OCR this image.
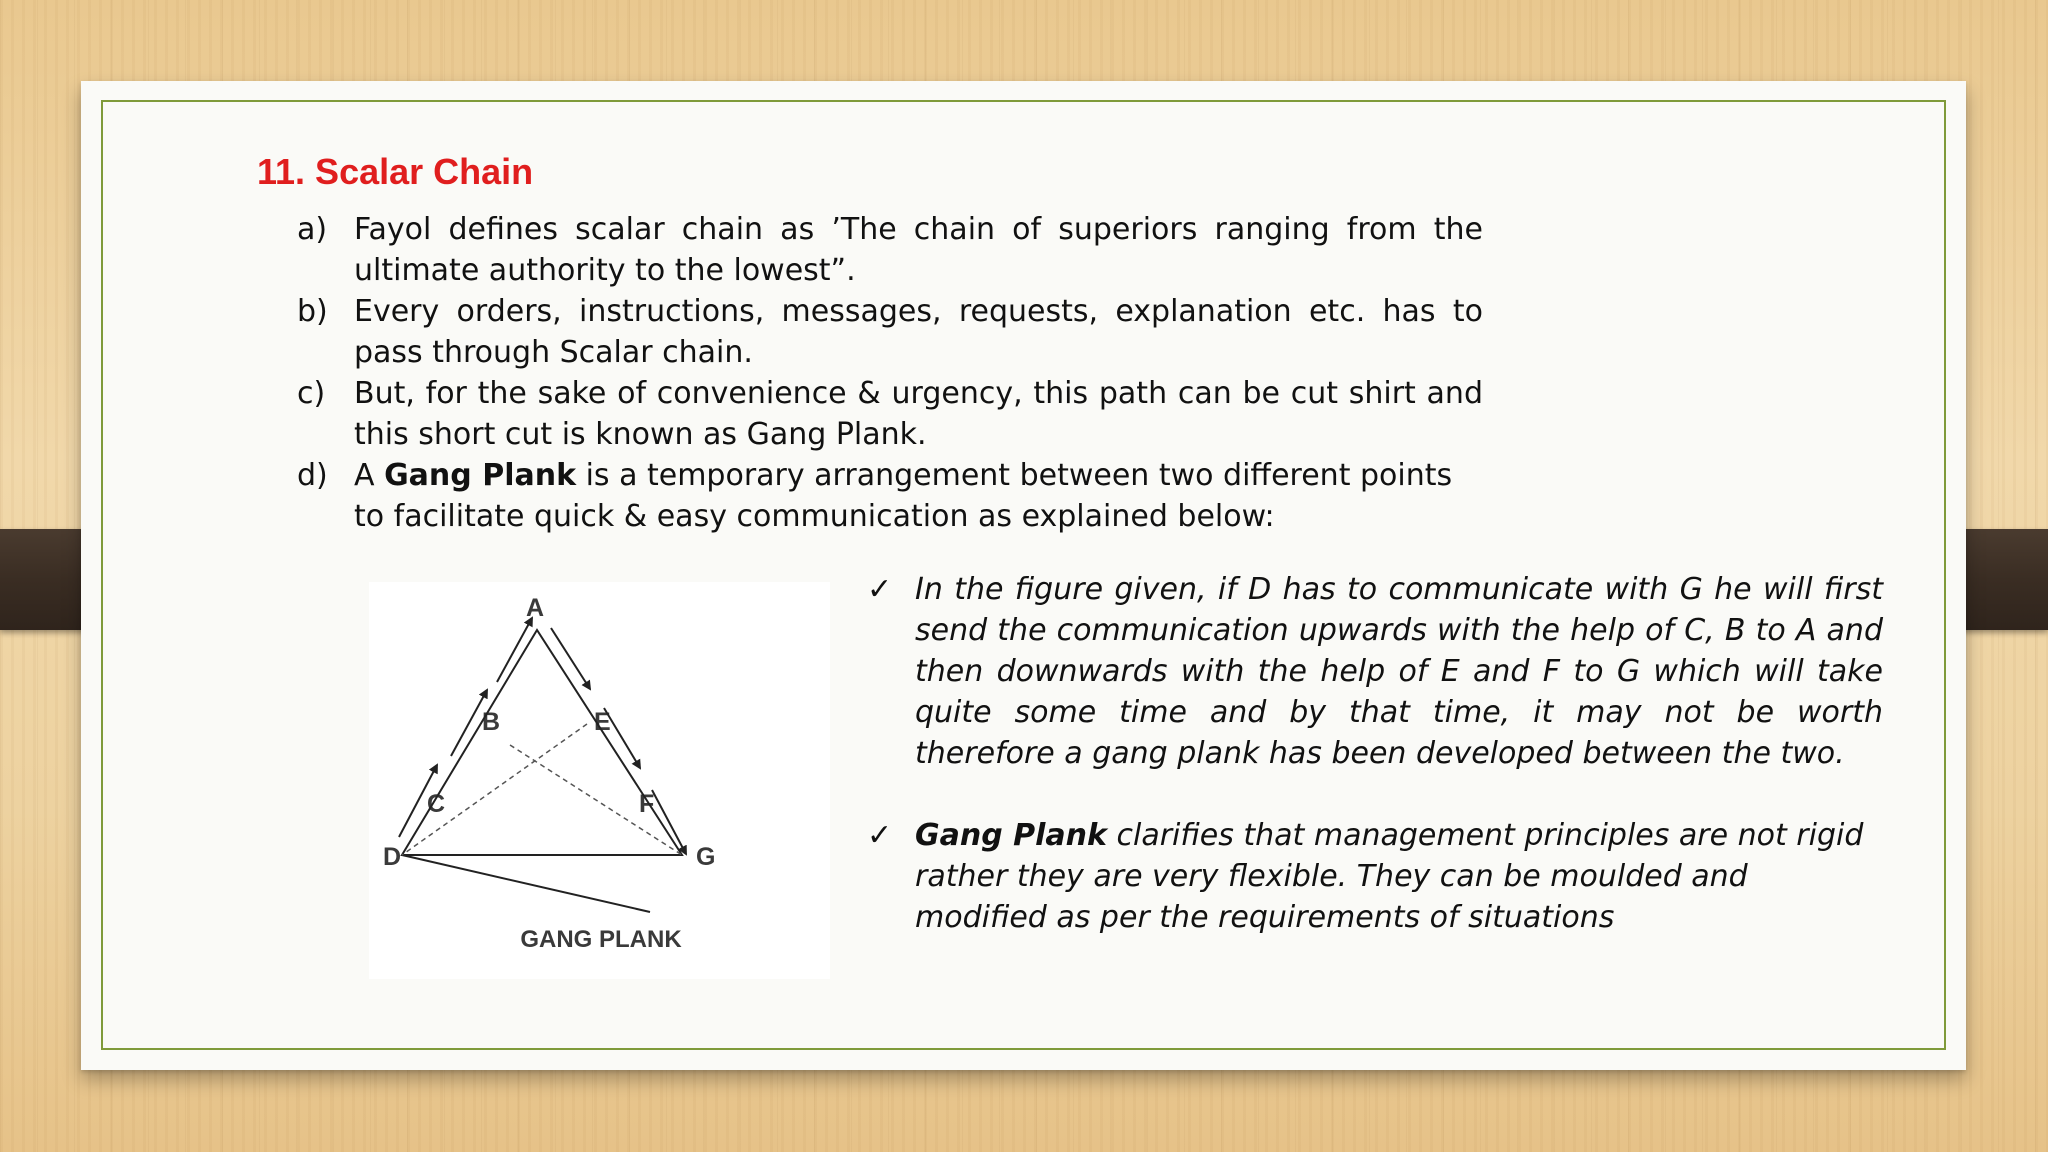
11. Scalar Chain
a) Fayol defines scalar chain as ’The chain of superiors ranging from the ultimate authority to the lowest”.
b) Every orders, instructions, messages, requests, explanation etc. has to pass through Scalar chain.
c) But, for the sake of convenience & urgency, this path can be cut shirt and this short cut is known as Gang Plank.
d) A Gang Plank is a temporary arrangement between two different points to facilitate quick & easy communication as explained below:
A
B
C
D
E
F
G
GANG PLANK
✓ In the figure given, if D has to communicate with G he will first send the communication upwards with the help of C, B to A and then downwards with the help of E and F to G which will take quite some time and by that time, it may not be worth therefore a gang plank has been developed between the two.
✓ Gang Plank clarifies that management principles are not rigid rather they are very flexible. They can be moulded and modified as per the requirements of situations
